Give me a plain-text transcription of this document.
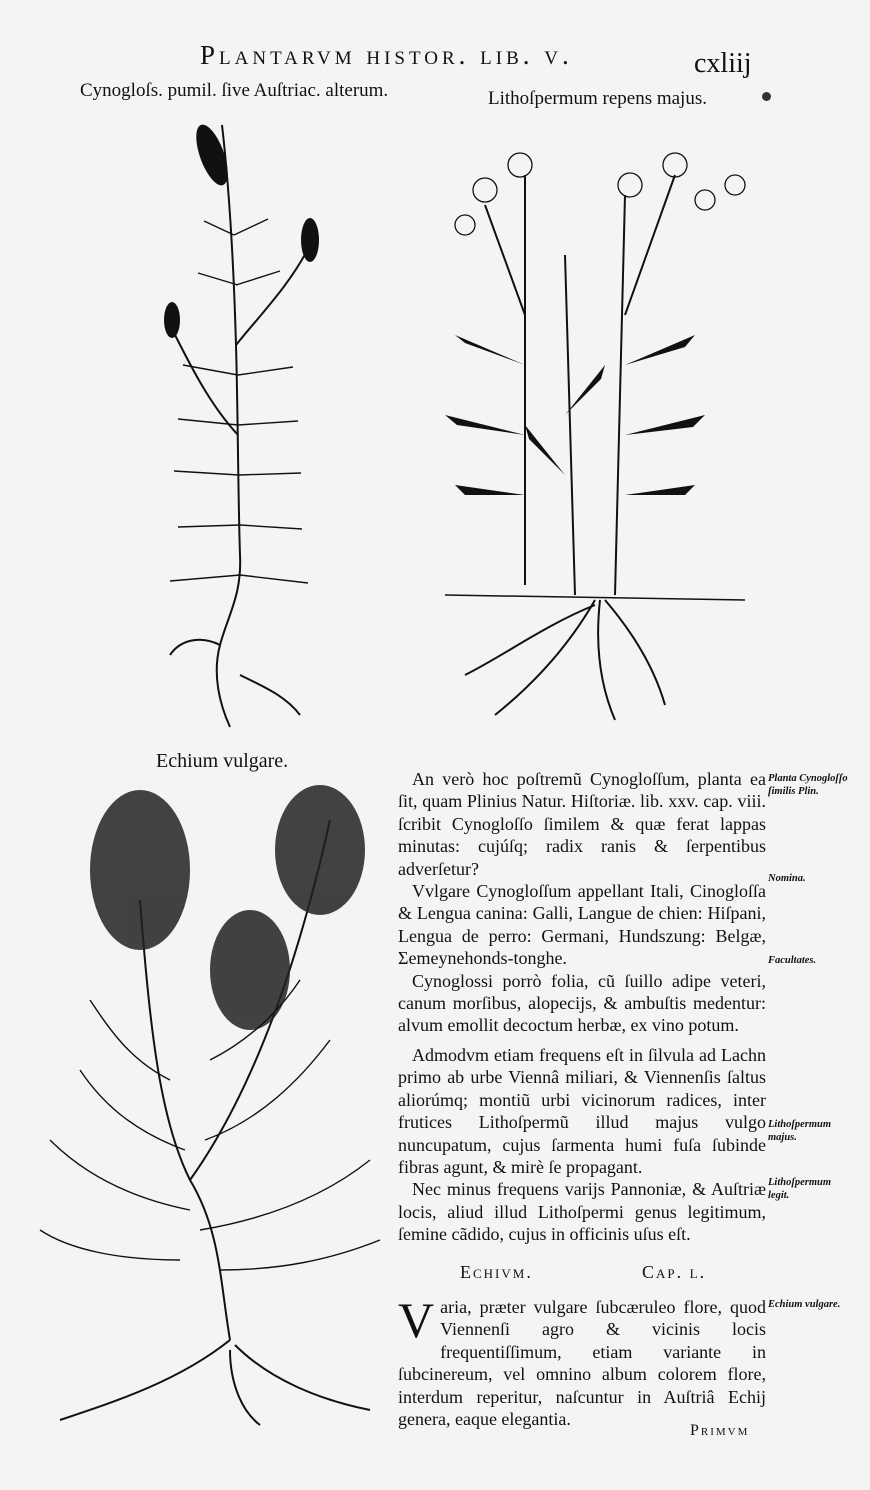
Plantarvm histor. lib. v.	cxliij
Cynogloſs. pumil. ſive Auſtriac. alterum.	Lithoſpermum repens majus.
Echium vulgare.

An verò hoc poſtremũ Cynogloſſum, planta ea ſit, quam Plinius Natur. Hiſtoriæ. lib. xxv. cap. viii. ſcribit Cynogloſſo ſimilem & quæ ferat lappas minutas: cujúſq; radix ranis & ſerpentibus adverſetur?

Vvlgare Cynogloſſum appellant Itali, Cinogloſſa & Lengua canina: Galli, Langue de chien: Hiſpani, Lengua de perro: Germani, Hundszung: Belgæ, Ʃemeynehonds-tonghe.

Cynoglossi porrò folia, cũ ſuillo adipe veteri, canum morſibus, alopecijs, & ambuſtis medentur: alvum emollit decoctum herbæ, ex vino potum.

Admodvm etiam frequens eſt in ſilvula ad Lachn primo ab urbe Viennâ miliari, & Viennenſis ſaltus aliorúmq; montiũ urbi vicinorum radices, inter frutices Lithoſpermũ illud majus vulgo nuncupatum, cujus ſarmenta humi fuſa ſubinde fibras agunt, & mirè ſe propagant.

Nec minus frequens varijs Pannoniæ, & Auſtriæ locis, aliud illud Lithoſpermi genus legitimum, ſemine cãdido, cujus in officinis uſus eſt.

Planta Cynogloſſo ſimilis Plin.
Nomina.
Facultates.
Lithoſpermum majus.
Lithoſpermum legit.
Echium vulgare.
Echivm.	Cap. l.
V aria, præter vulgare ſubcæruleo flore, quod Viennenſi agro & vicinis locis frequentiſſimum, etiam variante in ſubcinereum, vel omnino album colorem flore, interdum reperitur, naſcuntur in Auſtriâ Echij genera, eaque elegantia.
Primvm
